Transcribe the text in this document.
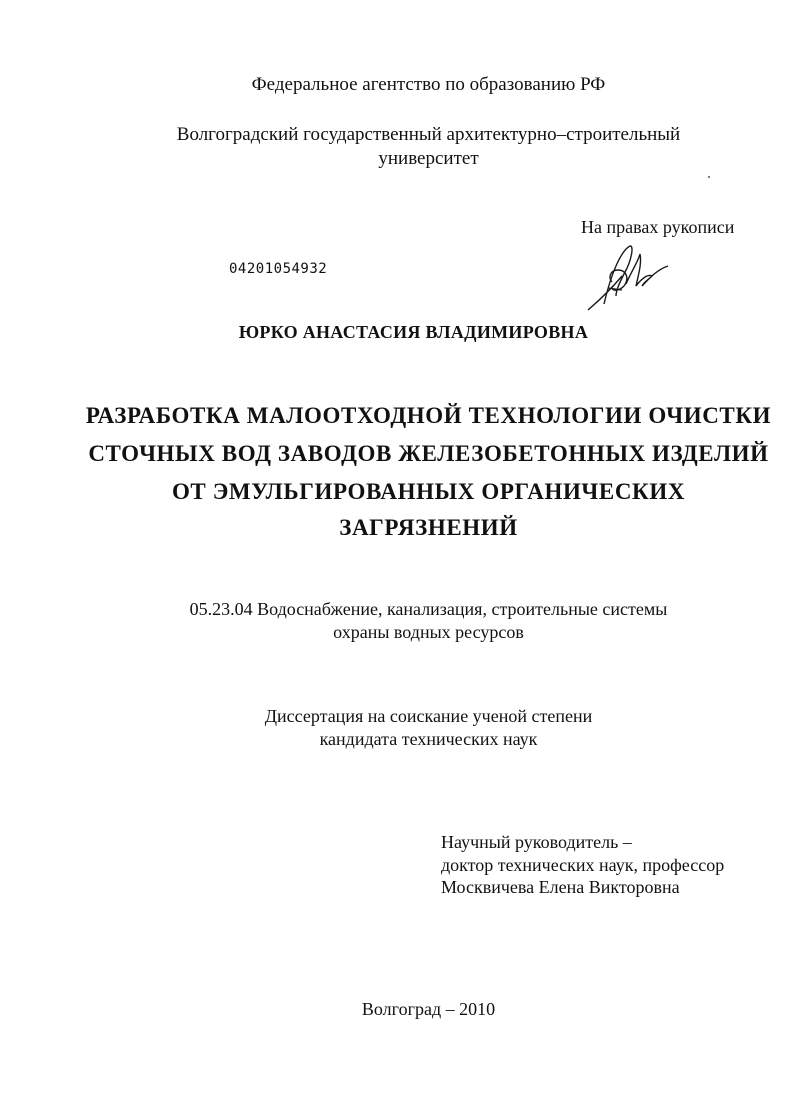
Федеральное агентство по образованию РФ
Волгоградский государственный архитектурно–строительный
университет
На правах рукописи
04201054932
ЮРКО АНАСТАСИЯ ВЛАДИМИРОВНА
РАЗРАБОТКА МАЛООТХОДНОЙ ТЕХНОЛОГИИ ОЧИСТКИ
СТОЧНЫХ ВОД ЗАВОДОВ ЖЕЛЕЗОБЕТОННЫХ ИЗДЕЛИЙ
ОТ ЭМУЛЬГИРОВАННЫХ ОРГАНИЧЕСКИХ
ЗАГРЯЗНЕНИЙ
05.23.04 Водоснабжение, канализация, строительные системы
охраны водных ресурсов
Диссертация на соискание ученой степени
кандидата технических наук
Научный руководитель –
доктор технических наук, профессор
Москвичева Елена Викторовна
Волгоград – 2010
